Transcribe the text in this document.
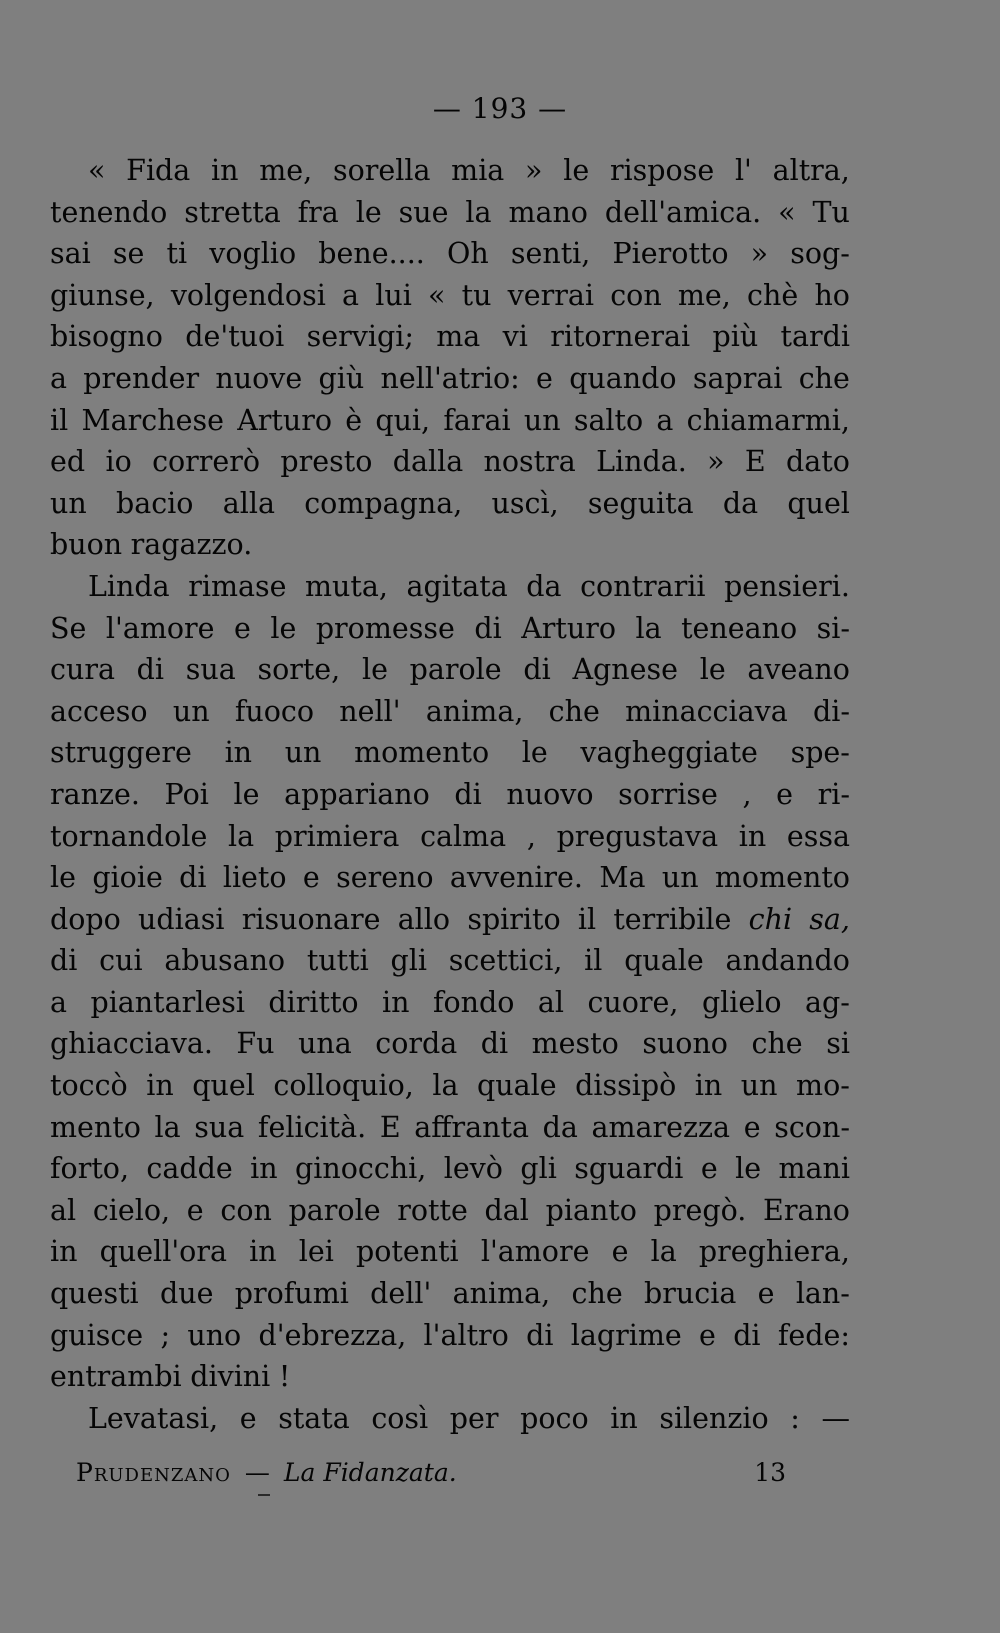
— 193 —
« Fida in me, sorella mia » le rispose l' altra,
tenendo stretta fra le sue la mano dell'amica. « Tu
sai se ti voglio bene.... Oh senti, Pierotto » sog-
giunse, volgendosi a lui « tu verrai con me, chè ho
bisogno de'tuoi servigi; ma vi ritornerai più tardi
a prender nuove giù nell'atrio: e quando saprai che
il Marchese Arturo è qui, farai un salto a chiamarmi,
ed io correrò presto dalla nostra Linda. » E dato
un bacio alla compagna, uscì, seguita da quel
buon ragazzo.
Linda rimase muta, agitata da contrarii pensieri.
Se l'amore e le promesse di Arturo la teneano si-
cura di sua sorte, le parole di Agnese le aveano
acceso un fuoco nell' anima, che minacciava di-
struggere in un momento le vagheggiate spe-
ranze. Poi le appariano di nuovo sorrise , e ri-
tornandole la primiera calma , pregustava in essa
le gioie di lieto e sereno avvenire. Ma un momento
dopo udiasi risuonare allo spirito il terribile chi sa,
di cui abusano tutti gli scettici, il quale andando
a piantarlesi diritto in fondo al cuore, glielo ag-
ghiacciava. Fu una corda di mesto suono che si
toccò in quel colloquio, la quale dissipò in un mo-
mento la sua felicità. E affranta da amarezza e scon-
forto, cadde in ginocchi, levò gli sguardi e le mani
al cielo, e con parole rotte dal pianto pregò. Erano
in quell'ora in lei potenti l'amore e la preghiera,
questi due profumi dell' anima, che brucia e lan-
guisce ; uno d'ebrezza, l'altro di lagrime e di fede:
entrambi divini !
Levatasi, e stata così per poco in silenzio : —
Prudenzano — La Fidanzata.	13
